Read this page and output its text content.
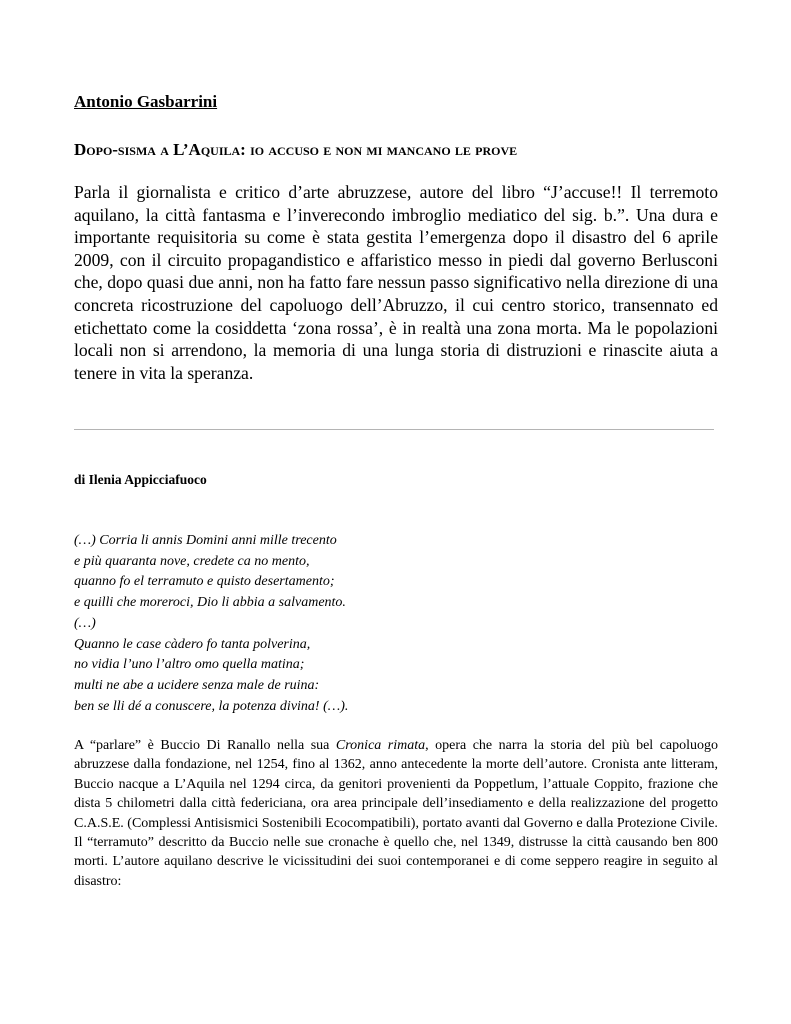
Antonio Gasbarrini
Dopo-sisma a L’Aquila: io accuso e non mi mancano le prove

Parla il giornalista e critico d’arte abruzzese, autore del libro “J’accuse!! Il terremoto aquilano, la città fantasma e l’inverecondo imbroglio mediatico del sig. b.”. Una dura e importante requisitoria su come è stata gestita l’emergenza dopo il disastro del 6 aprile 2009, con il circuito propagandistico e affaristico messo in piedi dal governo Berlusconi che, dopo quasi due anni, non ha fatto fare nessun passo significativo nella direzione di una concreta ricostruzione del capoluogo dell’Abruzzo, il cui centro storico, transennato ed etichettato come la cosiddetta ‘zona rossa’, è in realtà una zona morta. Ma le popolazioni locali non si arrendono, la memoria di una lunga storia di distruzioni e rinascite aiuta a tenere in vita la speranza.

di Ilenia Appicciafuoco
(…) Corria li annis Domini anni mille trecento
e più quaranta nove, credete ca no mento,
quanno fo el terramuto e quisto desertamento;
e quilli che moreroci, Dio li abbia a salvamento.
(…)
Quanno le case càdero fo tanta polverina,
no vidia l’uno l’altro omo quella matina;
multi ne abe a ucidere senza male de ruina:
ben se lli dé a conuscere, la potenza divina! (…).

A “parlare” è Buccio Di Ranallo nella sua Cronica rimata, opera che narra la storia del più bel capoluogo abruzzese dalla fondazione, nel 1254, fino al 1362, anno antecedente la morte dell’autore. Cronista ante litteram, Buccio nacque a L’Aquila nel 1294 circa, da genitori provenienti da Poppetlum, l’attuale Coppito, frazione che dista 5 chilometri dalla città federiciana, ora area principale dell’insediamento e della realizzazione del progetto C.A.S.E. (Complessi Antisismici Sostenibili Ecocompatibili), portato avanti dal Governo e dalla Protezione Civile.

Il “terramuto” descritto da Buccio nelle sue cronache è quello che, nel 1349, distrusse la città causando ben 800 morti. L’autore aquilano descrive le vicissitudini dei suoi contemporanei e di come seppero reagire in seguito al disastro:
